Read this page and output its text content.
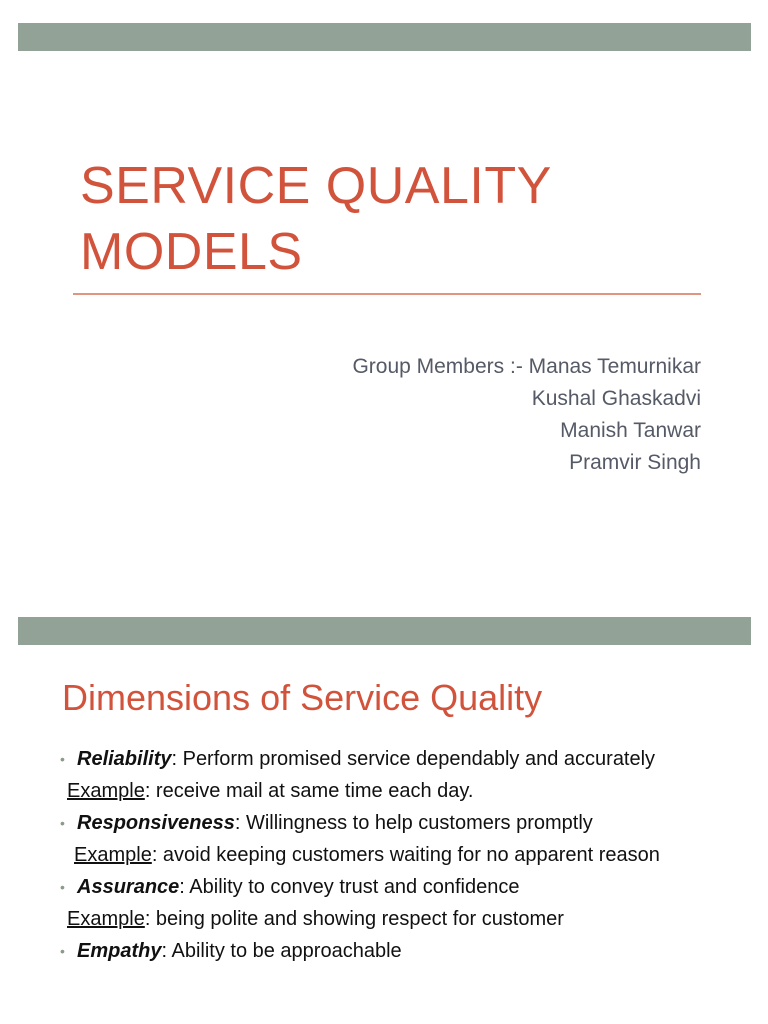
SERVICE QUALITY
MODELS
Group Members :- Manas Temurnikar
Kushal Ghaskadvi
Manish Tanwar
Pramvir Singh
Dimensions of Service Quality
• Reliability: Perform promised service dependably and accurately
Example: receive mail at same time each day.
• Responsiveness: Willingness to help customers promptly
Example: avoid keeping customers waiting for no apparent reason
• Assurance: Ability to convey trust and confidence
Example: being polite and showing respect for customer
• Empathy: Ability to be approachable
